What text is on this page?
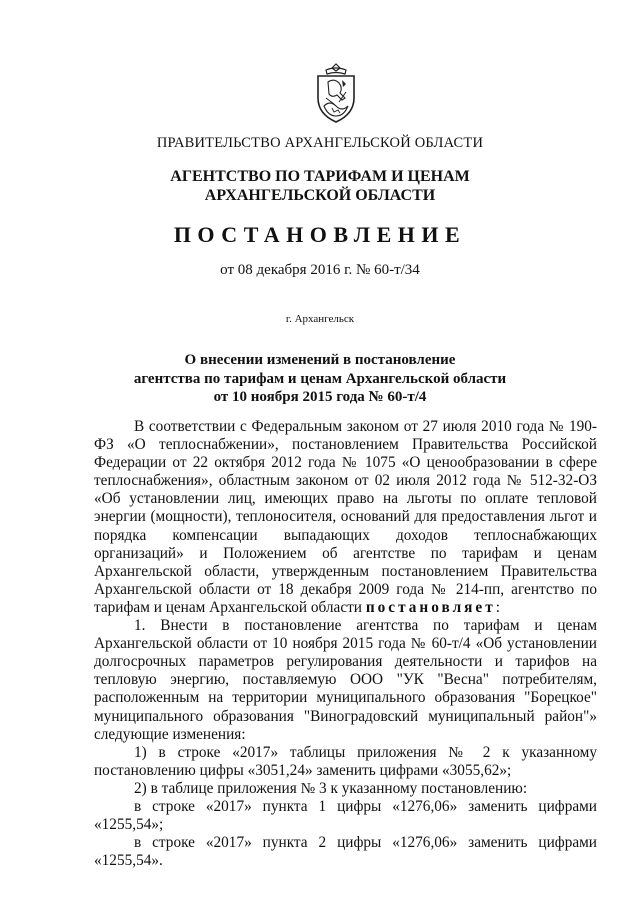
ПРАВИТЕЛЬСТВО АРХАНГЕЛЬСКОЙ ОБЛАСТИ
АГЕНТСТВО ПО ТАРИФАМ И ЦЕНАМ
АРХАНГЕЛЬСКОЙ ОБЛАСТИ
ПОСТАНОВЛЕНИЕ
от 08 декабря 2016 г. № 60-т/34
г. Архангельск
О внесении изменений в постановление
агентства по тарифам и ценам Архангельской области
от 10 ноября 2015 года № 60-т/4

В соответствии с Федеральным законом от 27 июля 2010 года № 190-ФЗ «О теплоснабжении», постановлением Правительства Российской Федерации от 22 октября 2012 года № 1075 «О ценообразовании в сфере теплоснабжения», областным законом от 02 июля 2012 года № 512-32-ОЗ «Об установлении лиц, имеющих право на льготы по оплате тепловой энергии (мощности), теплоносителя, оснований для предоставления льгот и порядка компенсации выпадающих доходов теплоснабжающих организаций» и Положением об агентстве по тарифам и ценам Архангельской области, утвержденным постановлением Правительства Архангельской области от 18 декабря 2009 года № 214-пп, агентство по тарифам и ценам Архангельской области постановляет:

1. Внести в постановление агентства по тарифам и ценам Архангельской области от 10 ноября 2015 года № 60-т/4 «Об установлении долгосрочных параметров регулирования деятельности и тарифов на тепловую энергию, поставляемую ООО "УК "Весна" потребителям, расположенным на территории муниципального образования "Борецкое" муниципального образования "Виноградовский муниципальный район"» следующие изменения:

1) в строке «2017» таблицы приложения № 2 к указанному постановлению цифры «3051,24» заменить цифрами «3055,62»;

2) в таблице приложения № 3 к указанному постановлению:

в строке «2017» пункта 1 цифры «1276,06» заменить цифрами «1255,54»;

в строке «2017» пункта 2 цифры «1276,06» заменить цифрами «1255,54».
